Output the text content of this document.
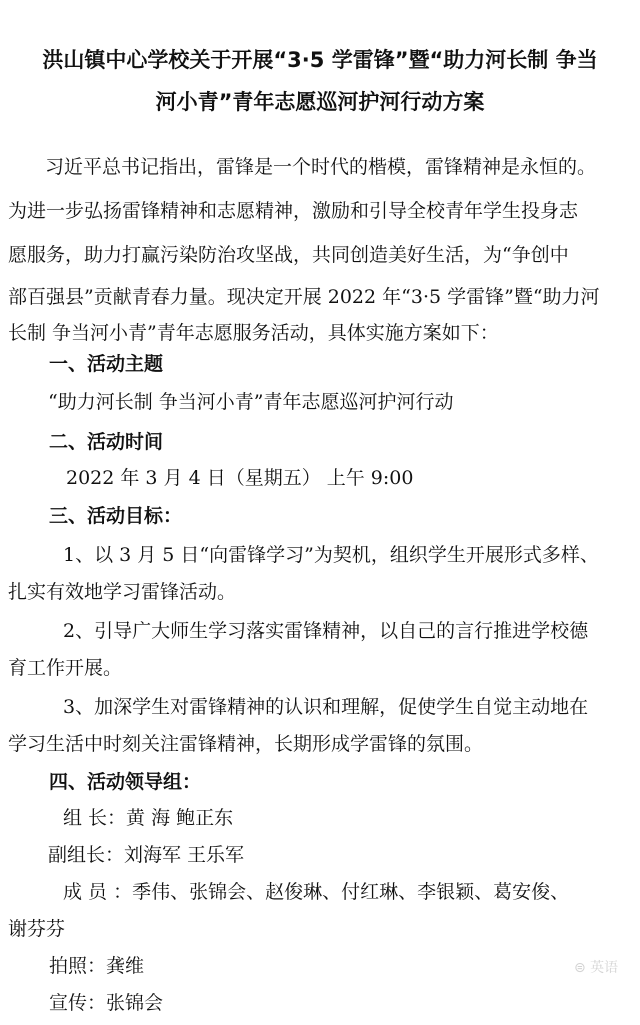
洪山镇中心学校关于开展“3·5 学雷锋”暨“助力河长制 争当
河小青”青年志愿巡河护河行动方案
习近平总书记指出，雷锋是一个时代的楷模，雷锋精神是永恒的。
为进一步弘扬雷锋精神和志愿精神，激励和引导全校青年学生投身志
愿服务，助力打赢污染防治攻坚战，共同创造美好生活，为“争创中
部百强县”贡献青春力量。现决定开展 2022 年“3·5 学雷锋”暨“助力河
长制 争当河小青”青年志愿服务活动，具体实施方案如下：
一、活动主题
“助力河长制 争当河小青”青年志愿巡河护河行动
二、活动时间
2022 年 3 月 4 日（星期五） 上午 9:00
三、活动目标：
1、以 3 月 5 日“向雷锋学习”为契机，组织学生开展形式多样、
扎实有效地学习雷锋活动。
2、引导广大师生学习落实雷锋精神，以自己的言行推进学校德
育工作开展。
3、加深学生对雷锋精神的认识和理解，促使学生自觉主动地在
学习生活中时刻关注雷锋精神，长期形成学雷锋的氛围。
四、活动领导组：
组 长：黄 海 鲍正东
副组长：刘海军 王乐军
成 员 ：季伟、张锦会、赵俊琳、付红琳、李银颖、葛安俊、
谢芬芬
拍照：龚维
宣传：张锦会
⊜ 英语
